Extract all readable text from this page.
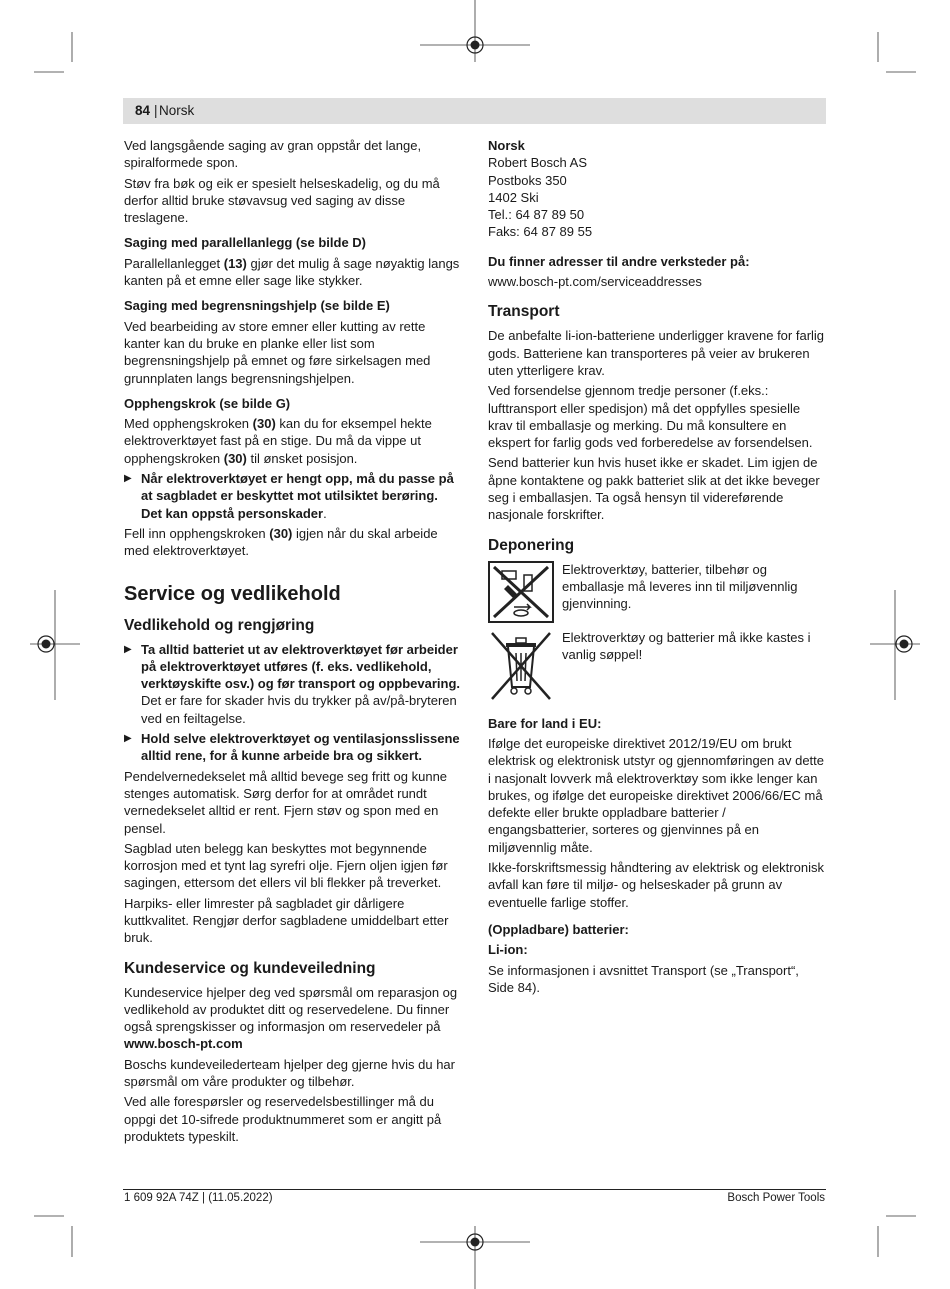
84 | Norsk

Ved langsgående saging av gran oppstår det lange, spiralformede spon.

Støv fra bøk og eik er spesielt helseskadelig, og du må derfor alltid bruke støvavsug ved saging av disse treslagene.

Saging med parallellanlegg (se bilde D)

Parallellanlegget (13) gjør det mulig å sage nøyaktig langs kanten på et emne eller sage like stykker.

Saging med begrensningshjelp (se bilde E)

Ved bearbeiding av store emner eller kutting av rette kanter kan du bruke en planke eller list som begrensningshjelp på emnet og føre sirkelsagen med grunnplaten langs begrensningshjelpen.

Opphengskrok (se bilde G)

Med opphengskroken (30) kan du for eksempel hekte elektroverktøyet fast på en stige. Du må da vippe ut opphengskroken (30) til ønsket posisjon.

▶ Når elektroverktøyet er hengt opp, må du passe på at sagbladet er beskyttet mot utilsiktet berøring. Det kan oppstå personskader.

Fell inn opphengskroken (30) igjen når du skal arbeide med elektroverktøyet.

Service og vedlikehold
Vedlikehold og rengjøring
▶ Ta alltid batteriet ut av elektroverktøyet før arbeider på elektroverktøyet utføres (f. eks. vedlikehold, verktøyskifte osv.) og før transport og oppbevaring. Det er fare for skader hvis du trykker på av/på-bryteren ved en feiltagelse.
▶ Hold selve elektroverktøyet og ventilasjonsslissene alltid rene, for å kunne arbeide bra og sikkert.

Pendelvernedekselet må alltid bevege seg fritt og kunne stenges automatisk. Sørg derfor for at området rundt vernedekselet alltid er rent. Fjern støv og spon med en pensel.

Sagblad uten belegg kan beskyttes mot begynnende korrosjon med et tynt lag syrefri olje. Fjern oljen igjen før sagingen, ettersom det ellers vil bli flekker på treverket.

Harpiks- eller limrester på sagbladet gir dårligere kuttkvalitet. Rengjør derfor sagbladene umiddelbart etter bruk.

Kundeservice og kundeveiledning

Kundeservice hjelper deg ved spørsmål om reparasjon og vedlikehold av produktet ditt og reservedelene. Du finner også sprengskisser og informasjon om reservedeler på
www.bosch-pt.com

Boschs kundeveilederteam hjelper deg gjerne hvis du har spørsmål om våre produkter og tilbehør.

Ved alle forespørsler og reservedelsbestillinger må du oppgi det 10-sifrede produktnummeret som er angitt på produktets typeskilt.

Norsk
Robert Bosch AS
Postboks 350
1402 Ski
Tel.: 64 87 89 50
Faks: 64 87 89 55
Du finner adresser til andre verksteder på:

www.bosch-pt.com/serviceaddresses

Transport

De anbefalte li-ion-batteriene underligger kravene for farlig gods. Batteriene kan transporteres på veier av brukeren uten ytterligere krav.

Ved forsendelse gjennom tredje personer (f.eks.: lufttransport eller spedisjon) må det oppfylles spesielle krav til emballasje og merking. Du må konsultere en ekspert for farlig gods ved forberedelse av forsendelsen.

Send batterier kun hvis huset ikke er skadet. Lim igjen de åpne kontaktene og pakk batteriet slik at det ikke beveger seg i emballasjen. Ta også hensyn til videreførende nasjonale forskrifter.

Deponering
Elektroverktøy, batterier, tilbehør og emballasje må leveres inn til miljøvennlig gjenvinning.
Elektroverktøy og batterier må ikke kastes i vanlig søppel!
Bare for land i EU:

Ifølge det europeiske direktivet 2012/19/EU om brukt elektrisk og elektronisk utstyr og gjennomføringen av dette i nasjonalt lovverk må elektroverktøy som ikke lenger kan brukes, og ifølge det europeiske direktivet 2006/66/EC må defekte eller brukte oppladbare batterier / engangsbatterier, sorteres og gjenvinnes på en miljøvennlig måte.

Ikke-forskriftsmessig håndtering av elektrisk og elektronisk avfall kan føre til miljø- og helseskader på grunn av eventuelle farlige stoffer.

(Oppladbare) batterier:
Li-ion:

Se informasjonen i avsnittet Transport (se „Transport“, Side 84).

1 609 92A 74Z | (11.05.2022)	Bosch Power Tools
